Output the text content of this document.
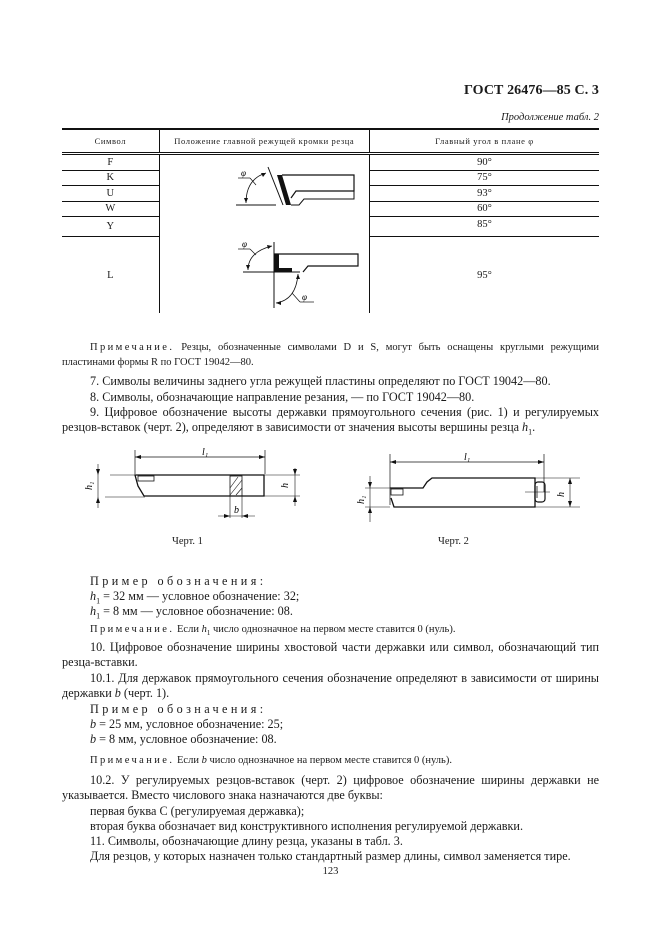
ГОСТ 26476—85 С. 3
Продолжение табл. 2
Символ	Положение главной режущей кромки резца	Главный угол в плане φ
F		90°
K		75°
U		93°
W		60°
Y		85°
L		95°
φ
φ
φ
Примечание. Резцы, обозначенные символами D и S, могут быть оснащены круглыми режущими пластинами формы R по ГОСТ 19042—80.
7. Символы величины заднего угла режущей пластины определяют по ГОСТ 19042—80.
8. Символы, обозначающие направление резания, — по ГОСТ 19042—80.
9. Цифровое обозначение высоты державки прямоугольного сечения (рис. 1) и регулируемых резцов-вставок (черт. 2), определяют в зависимости от значения высоты вершины резца $h_1$.
l₁
h₁	h
b
Черт. 1
l₁
h₁
h
Черт. 2
Пример обозначения:
$h_1 = 32$ мм — условное обозначение: 32;
$h_1 = 8$ мм — условное обозначение: 08.
Примечание. Если $h_1$ число однозначное на первом месте ставится 0 (нуль).
10. Цифровое обозначение ширины хвостовой части державки или символ, обозначающий тип резца-вставки.
10.1. Для державок прямоугольного сечения обозначение определяют в зависимости от ширины державки b (черт. 1).
Пример обозначения:
b = 25 мм, условное обозначение: 25;
b = 8 мм, условное обозначение: 08.
Примечание. Если b число однозначное на первом месте ставится 0 (нуль).
10.2. У регулируемых резцов-вставок (черт. 2) цифровое обозначение ширины державки не указывается. Вместо числового знака назначаются две буквы:
первая буква С (регулируемая державка);
вторая буква обозначает вид конструктивного исполнения регулируемой державки.
11. Символы, обозначающие длину резца, указаны в табл. 3.
Для резцов, у которых назначен только стандартный размер длины, символ заменяется тире.
123
